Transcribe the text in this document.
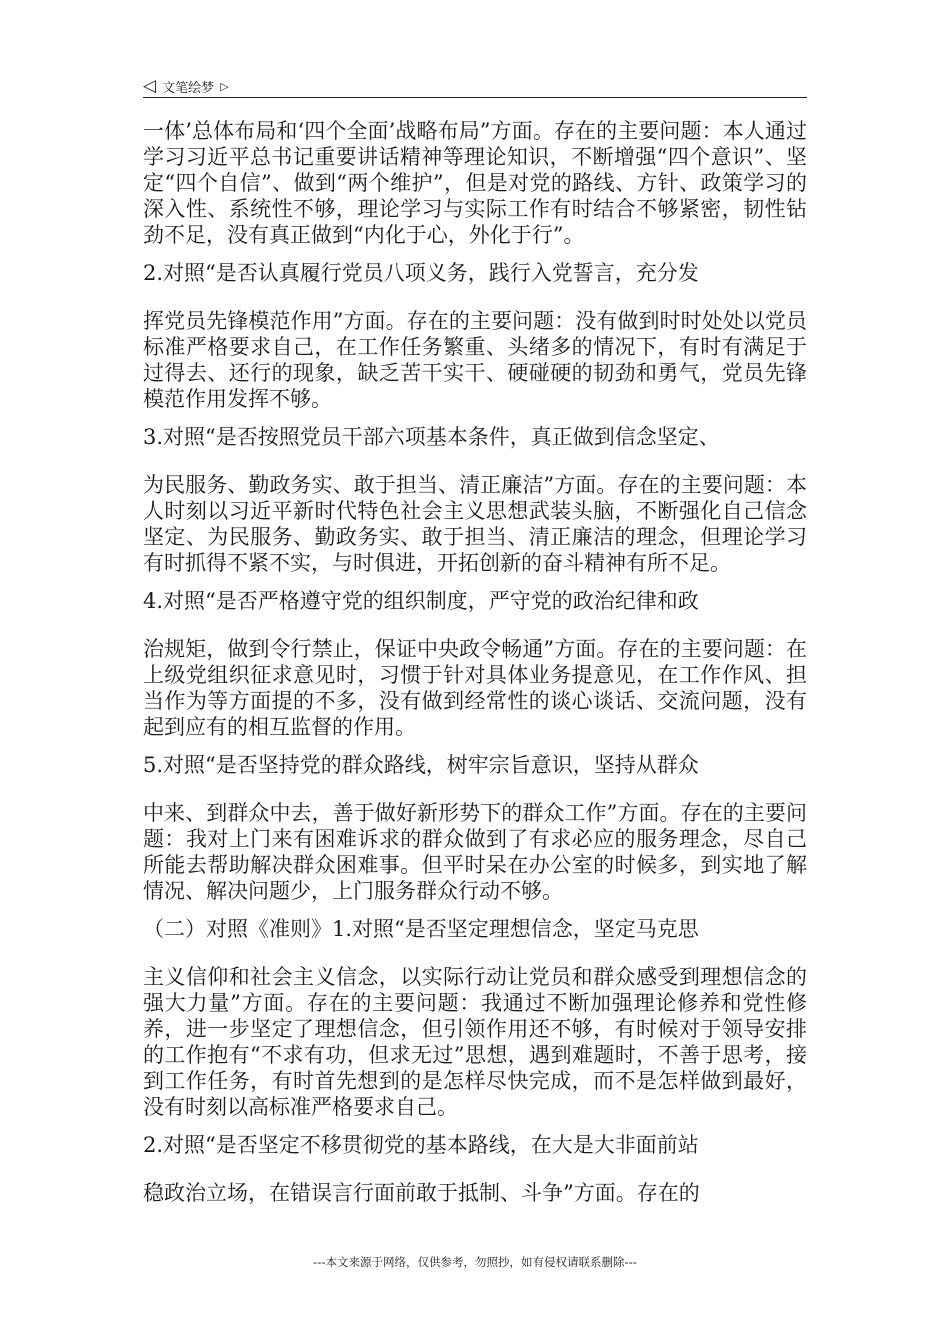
◁ 文笔绘梦 ▷

一体’总体布局和‘四个全面’战略布局”方面。存在的主要问题：本人通过学习习近平总书记重要讲话精神等理论知识，不断增强“四个意识”、坚定“四个自信”、做到“两个维护”，但是对党的路线、方针、政策学习的深入性、系统性不够，理论学习与实际工作有时结合不够紧密，韧性钻劲不足，没有真正做到“内化于心，外化于行”。

2.对照“是否认真履行党员八项义务，践行入党誓言，充分发

挥党员先锋模范作用”方面。存在的主要问题：没有做到时时处处以党员标准严格要求自己，在工作任务繁重、头绪多的情况下，有时有满足于过得去、还行的现象，缺乏苦干实干、硬碰硬的韧劲和勇气，党员先锋模范作用发挥不够。

3.对照“是否按照党员干部六项基本条件，真正做到信念坚定、

为民服务、勤政务实、敢于担当、清正廉洁”方面。存在的主要问题：本人时刻以习近平新时代特色社会主义思想武装头脑，不断强化自己信念坚定、为民服务、勤政务实、敢于担当、清正廉洁的理念，但理论学习有时抓得不紧不实，与时俱进，开拓创新的奋斗精神有所不足。

4.对照“是否严格遵守党的组织制度，严守党的政治纪律和政

治规矩，做到令行禁止，保证中央政令畅通”方面。存在的主要问题：在上级党组织征求意见时，习惯于针对具体业务提意见，在工作作风、担当作为等方面提的不多，没有做到经常性的谈心谈话、交流问题，没有起到应有的相互监督的作用。

5.对照“是否坚持党的群众路线，树牢宗旨意识，坚持从群众

中来、到群众中去，善于做好新形势下的群众工作”方面。存在的主要问题：我对上门来有困难诉求的群众做到了有求必应的服务理念，尽自己所能去帮助解决群众困难事。但平时呆在办公室的时候多，到实地了解情况、解决问题少，上门服务群众行动不够。

（二）对照《准则》1.对照“是否坚定理想信念，坚定马克思

主义信仰和社会主义信念，以实际行动让党员和群众感受到理想信念的强大力量”方面。存在的主要问题：我通过不断加强理论修养和党性修养，进一步坚定了理想信念，但引领作用还不够，有时候对于领导安排的工作抱有“不求有功，但求无过”思想，遇到难题时，不善于思考，接到工作任务，有时首先想到的是怎样尽快完成，而不是怎样做到最好，没有时刻以高标准严格要求自己。

2.对照“是否坚定不移贯彻党的基本路线，在大是大非面前站

稳政治立场，在错误言行面前敢于抵制、斗争”方面。存在的

---本文来源于网络，仅供参考，勿照抄，如有侵权请联系删除---
